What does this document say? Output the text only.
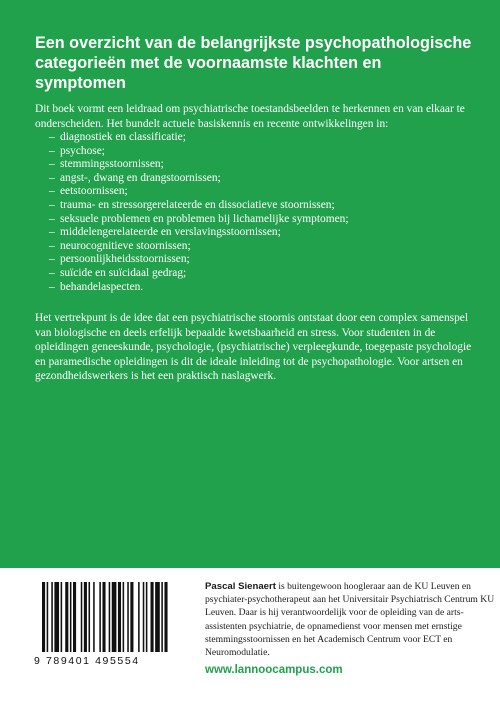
Een overzicht van de belangrijkste psychopathologische categorieën met de voornaamste klachten en symptomen

Dit boek vormt een leidraad om psychiatrische toestandsbeelden te herkennen en van elkaar te onderscheiden. Het bundelt actuele basiskennis en recente ontwikkelingen in:

– diagnostiek en classificatie;
– psychose;
– stemmingsstoornissen;
– angst-, dwang en drangstoornissen;
– eetstoornissen;
– trauma- en stressorgerelateerde en dissociatieve stoornissen;
– seksuele problemen en problemen bij lichamelijke symptomen;
– middelengerelateerde en verslavingsstoornissen;
– neurocognitieve stoornissen;
– persoonlijkheidsstoornissen;
– suïcide en suïcidaal gedrag;
– behandelaspecten.

Het vertrekpunt is de idee dat een psychiatrische stoornis ontstaat door een complex samenspel van biologische en deels erfelijk bepaalde kwetsbaarheid en stress. Voor studenten in de opleidingen geneeskunde, psychologie, (psychiatrische) verpleegkunde, toegepaste psychologie en paramedische opleidingen is dit de ideale inleiding tot de psychopathologie. Voor artsen en gezondheidswerkers is het een praktisch naslagwerk.

9 789401 495554

Pascal Sienaert is buitengewoon hoogleraar aan de KU Leuven en psychiater-psychotherapeut aan het Universitair Psychiatrisch Centrum KU Leuven. Daar is hij verantwoordelijk voor de opleiding van de arts-assistenten psychiatrie, de opnamedienst voor mensen met ernstige stemmingsstoornissen en het Academisch Centrum voor ECT en Neuromodulatie.

www.lannoocampus.com
